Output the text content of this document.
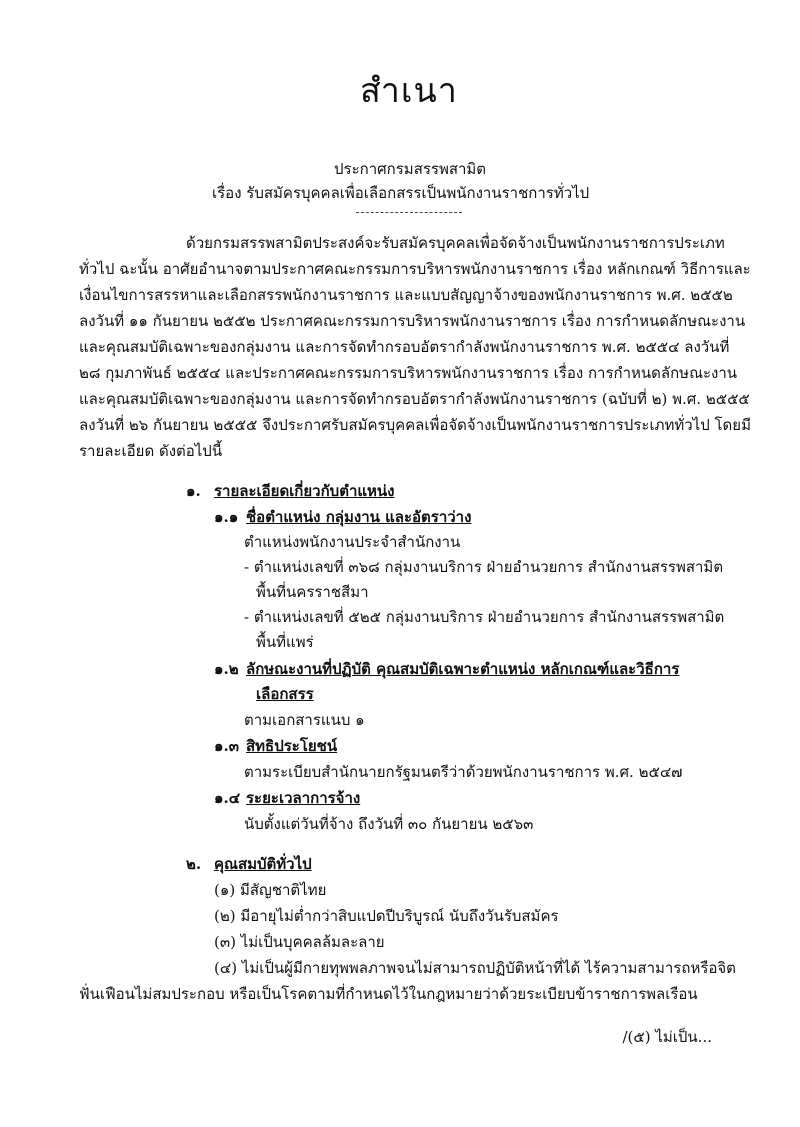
สำเนา
ประกาศกรมสรรพสามิต
เรื่อง รับสมัครบุคคลเพื่อเลือกสรรเป็นพนักงานราชการทั่วไป
ด้วยกรมสรรพสามิตประสงค์จะรับสมัครบุคคลเพื่อจัดจ้างเป็นพนักงานราชการประเภท
ทั่วไป ฉะนั้น อาศัยอำนาจตามประกาศคณะกรรมการบริหารพนักงานราชการ เรื่อง หลักเกณฑ์ วิธีการและ
เงื่อนไขการสรรหาและเลือกสรรพนักงานราชการ และแบบสัญญาจ้างของพนักงานราชการ พ.ศ. ๒๕๕๒
ลงวันที่ ๑๑ กันยายน ๒๕๕๒ ประกาศคณะกรรมการบริหารพนักงานราชการ เรื่อง การกำหนดลักษณะงาน
และคุณสมบัติเฉพาะของกลุ่มงาน และการจัดทำกรอบอัตรากำลังพนักงานราชการ พ.ศ. ๒๕๕๔ ลงวันที่
๒๘ กุมภาพันธ์ ๒๕๕๔ และประกาศคณะกรรมการบริหารพนักงานราชการ เรื่อง การกำหนดลักษณะงาน
และคุณสมบัติเฉพาะของกลุ่มงาน และการจัดทำกรอบอัตรากำลังพนักงานราชการ (ฉบับที่ ๒) พ.ศ. ๒๕๕๕
ลงวันที่ ๒๖ กันยายน ๒๕๕๕ จึงประกาศรับสมัครบุคคลเพื่อจัดจ้างเป็นพนักงานราชการประเภททั่วไป โดยมี
รายละเอียด ดังต่อไปนี้
๑. รายละเอียดเกี่ยวกับตำแหน่ง
๑.๑ ชื่อตำแหน่ง กลุ่มงาน และอัตราว่าง
ตำแหน่งพนักงานประจำสำนักงาน
- ตำแหน่งเลขที่ ๓๖๘ กลุ่มงานบริการ ฝ่ายอำนวยการ สำนักงานสรรพสามิต
พื้นที่นครราชสีมา
- ตำแหน่งเลขที่ ๕๒๕ กลุ่มงานบริการ ฝ่ายอำนวยการ สำนักงานสรรพสามิต
พื้นที่แพร่
๑.๒ ลักษณะงานที่ปฏิบัติ คุณสมบัติเฉพาะตำแหน่ง หลักเกณฑ์และวิธีการ
เลือกสรร
ตามเอกสารแนบ ๑
๑.๓ สิทธิประโยชน์
ตามระเบียบสำนักนายกรัฐมนตรีว่าด้วยพนักงานราชการ พ.ศ. ๒๕๔๗
๑.๔ ระยะเวลาการจ้าง
นับตั้งแต่วันที่จ้าง ถึงวันที่ ๓๐ กันยายน ๒๕๖๓
๒. คุณสมบัติทั่วไป
(๑) มีสัญชาติไทย
(๒) มีอายุไม่ต่ำกว่าสิบแปดปีบริบูรณ์ นับถึงวันรับสมัคร
(๓) ไม่เป็นบุคคลล้มละลาย
(๔) ไม่เป็นผู้มีกายทุพพลภาพจนไม่สามารถปฏิบัติหน้าที่ได้ ไร้ความสามารถหรือจิต
ฟั่นเฟือนไม่สมประกอบ หรือเป็นโรคตามที่กำหนดไว้ในกฎหมายว่าด้วยระเบียบข้าราชการพลเรือน
/(๕) ไม่เป็น...
